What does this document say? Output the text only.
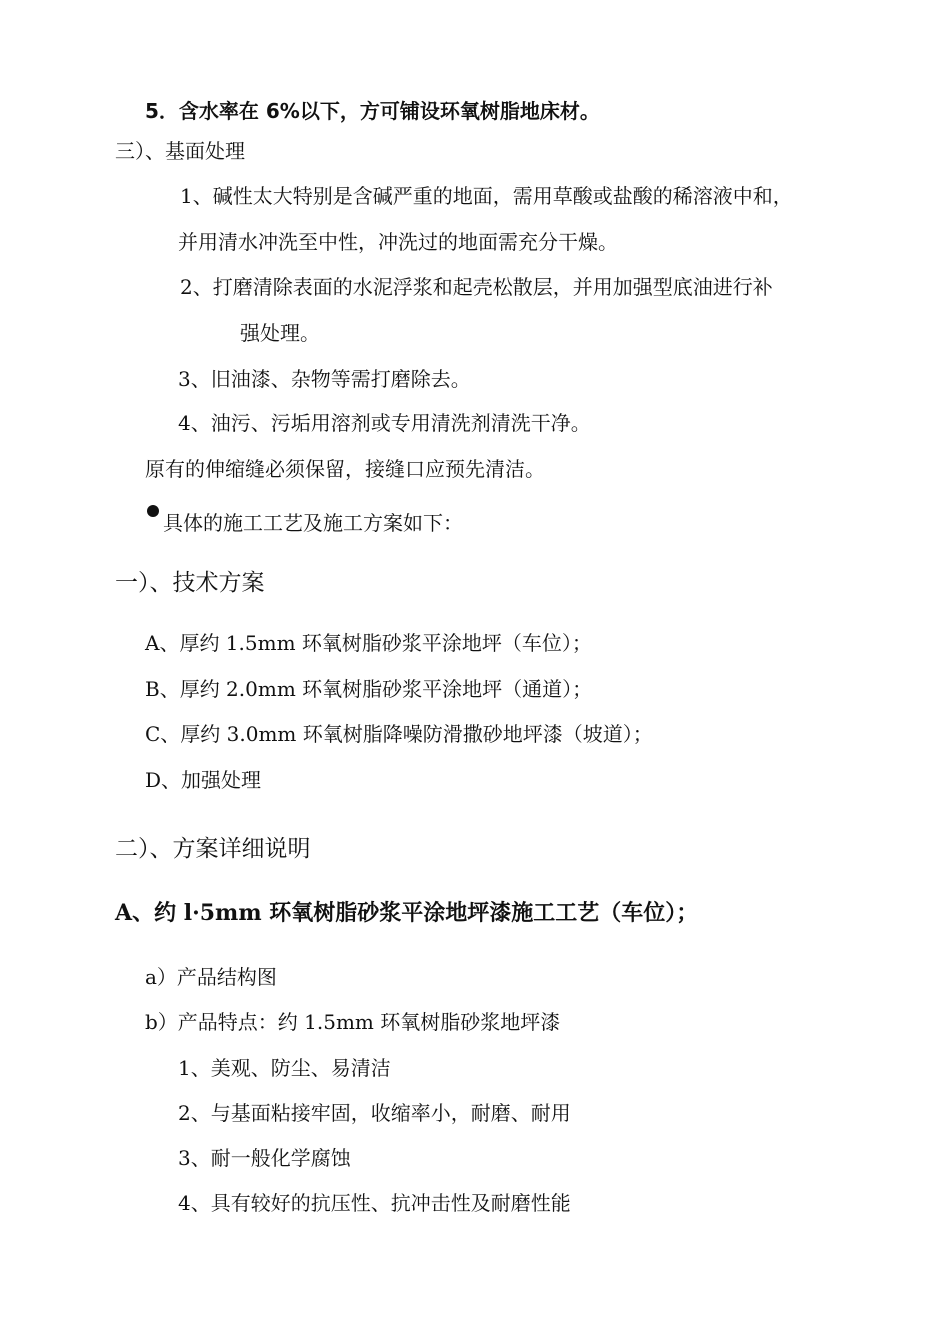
5．含水率在 6%以下，方可铺设环氧树脂地床材。
三）、基面处理
1、碱性太大特别是含碱严重的地面，需用草酸或盐酸的稀溶液中和，
并用清水冲洗至中性，冲洗过的地面需充分干燥。
2、打磨清除表面的水泥浮浆和起壳松散层，并用加强型底油进行补
强处理。
3、旧油漆、杂物等需打磨除去。
4、油污、污垢用溶剂或专用清洗剂清洗干净。
原有的伸缩缝必须保留，接缝口应预先清洁。
具体的施工工艺及施工方案如下：
一）、技术方案
A、厚约 1.5mm 环氧树脂砂浆平涂地坪（车位）；
B、厚约 2.0mm 环氧树脂砂浆平涂地坪（通道）；
C、厚约 3.0mm 环氧树脂降噪防滑撒砂地坪漆（坡道）；
D、加强处理
二）、方案详细说明
A、约 l·5mm 环氧树脂砂浆平涂地坪漆施工工艺（车位）；
a）产品结构图
b）产品特点：约 1.5mm 环氧树脂砂浆地坪漆
1、美观、防尘、易清洁
2、与基面粘接牢固，收缩率小，耐磨、耐用
3、耐一般化学腐蚀
4、具有较好的抗压性、抗冲击性及耐磨性能
